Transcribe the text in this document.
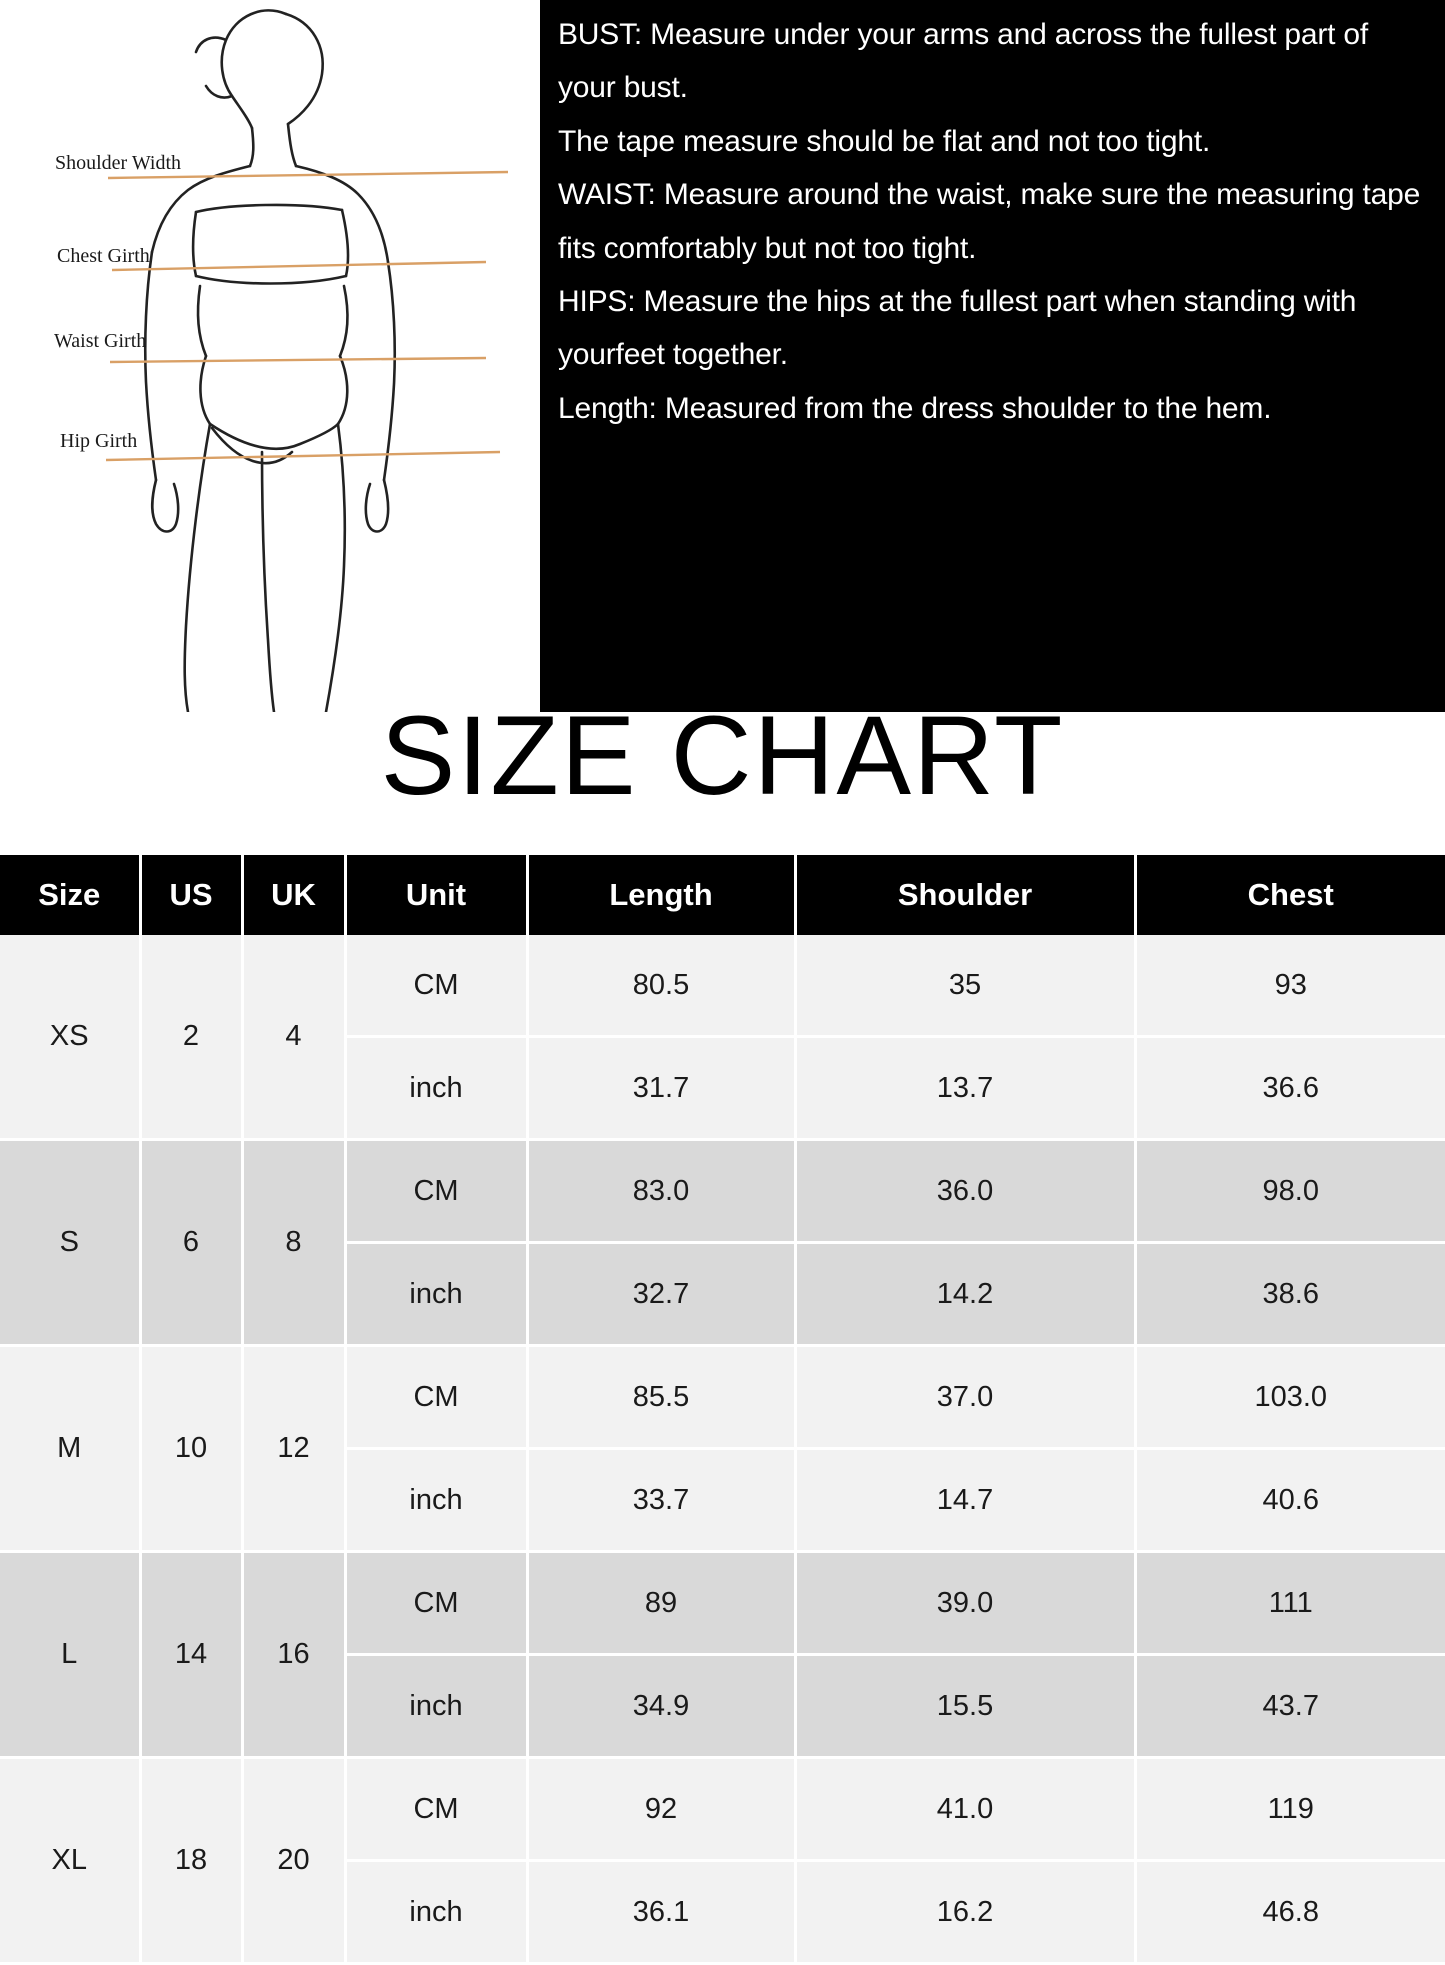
Shoulder Width
Chest Girth
Waist Girth
Hip Girth

BUST: Measure under your arms and across the fullest part of your bust.

The tape measure should be flat and not too tight.

WAIST: Measure around the waist, make sure the measuring tape fits comfortably but not too tight.

HIPS: Measure the hips at the fullest part when standing with yourfeet together.

Length: Measured from the dress shoulder to the hem.

SIZE CHART
Size	US	UK	Unit	Length	Shoulder	Chest
XS	2	4	CM	80.5	35	93
			inch	31.7	13.7	36.6
S	6	8	CM	83.0	36.0	98.0
			inch	32.7	14.2	38.6
M	10	12	CM	85.5	37.0	103.0
			inch	33.7	14.7	40.6
L	14	16	CM	89	39.0	111
			inch	34.9	15.5	43.7
XL	18	20	CM	92	41.0	119
			inch	36.1	16.2	46.8
